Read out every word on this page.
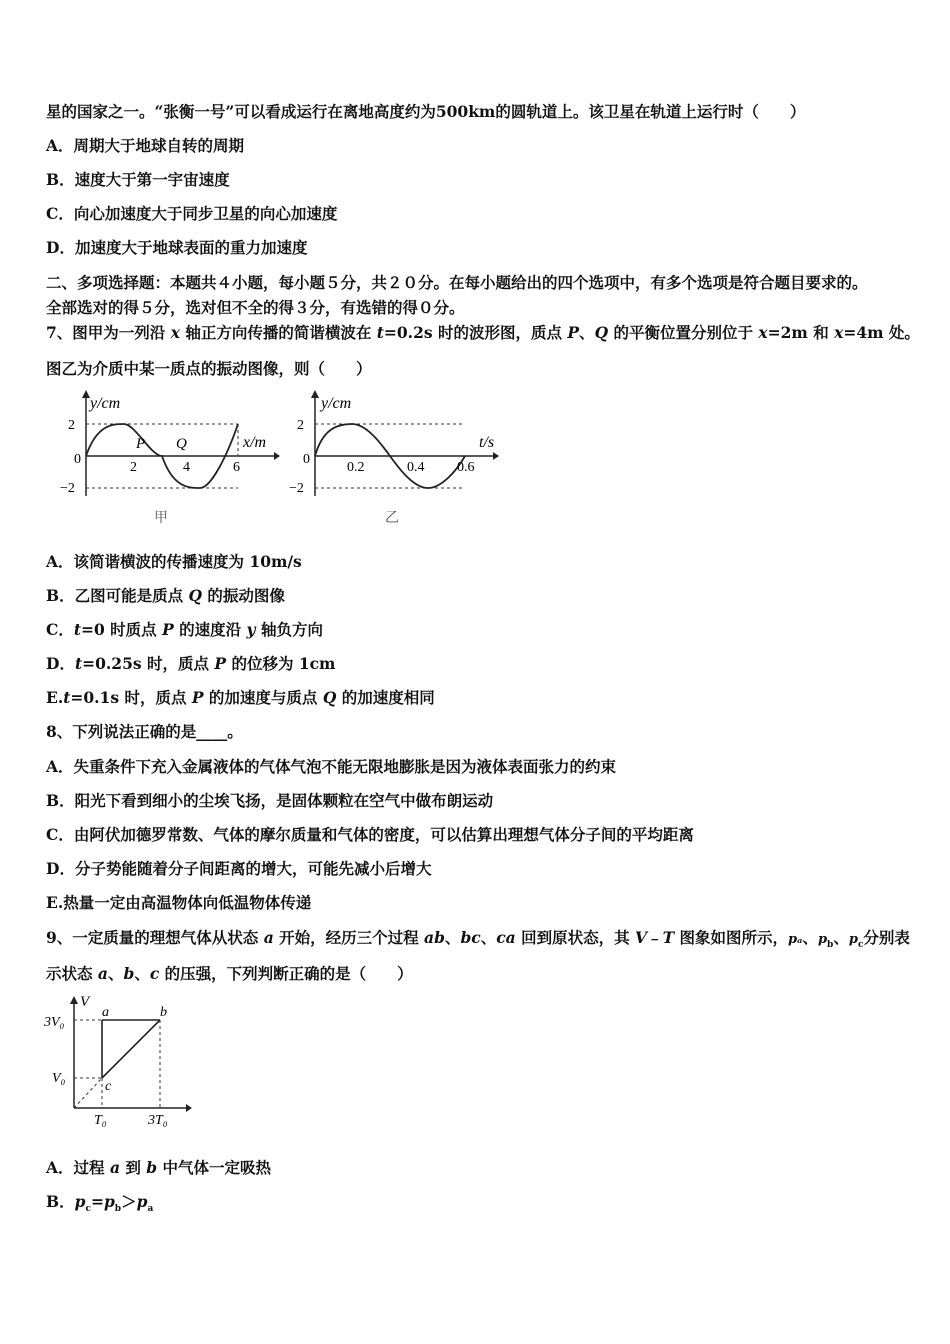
星的国家之一。“张衡一号”可以看成运行在离地高度约为500km的圆轨道上。该卫星在轨道上运行时（　　）
A．周期大于地球自转的周期
B．速度大于第一宇宙速度
C．向心加速度大于同步卫星的向心加速度
D．加速度大于地球表面的重力加速度
二、多项选择题：本题共４小题，每小题５分，共２０分。在每小题给出的四个选项中，有多个选项是符合题目要求的。
全部选对的得５分，选对但不全的得３分，有选错的得０分。
7、图甲为一列沿 x 轴正方向传播的简谐横波在 t=0.2s 时的波形图，质点 P、Q 的平衡位置分别位于 x=2m 和 x=4m 处。
图乙为介质中某一质点的振动图像，则（　　）
y/cm
x/m
2
−2
0
2	4	6
P Q
甲
y/cm
t/s
2
−2
0
0.2	0.4 0.6
乙
A．该简谐横波的传播速度为 10m/s
B．乙图可能是质点 Q 的振动图像
C．t=0 时质点 P 的速度沿 y 轴负方向
D．t=0.25s 时，质点 P 的位移为 1cm
E.t=0.1s 时，质点 P 的加速度与质点 Q 的加速度相同
8、下列说法正确的是____。
A．失重条件下充入金属液体的气体气泡不能无限地膨胀是因为液体表面张力的约束
B．阳光下看到细小的尘埃飞扬，是固体颗粒在空气中做布朗运动
C．由阿伏加德罗常数、气体的摩尔质量和气体的密度，可以估算出理想气体分子间的平均距离
D．分子势能随着分子间距离的增大，可能先减小后增大
E.热量一定由高温物体向低温物体传递
9、一定质量的理想气体从状态 a 开始，经历三个过程 ab、bc、ca 回到原状态，其 V﹣T 图象如图所示，pₐ、$p_b$、$p_c$分别表
示状态 a、b、c 的压强，下列判断正确的是（　　）
V
3V₀
V₀
T₀	3T₀
a	b
c
A．过程 a 到 b 中气体一定吸热
B．$p_c=p_b>p_a$
